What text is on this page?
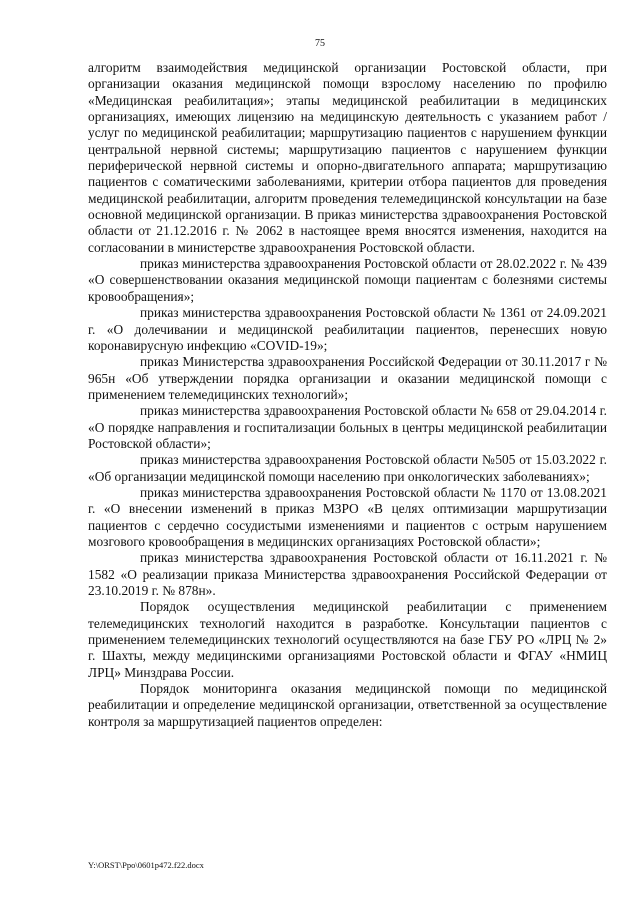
75

алгоритм взаимодействия медицинской организации Ростовской области, при организации оказания медицинской помощи взрослому населению по профилю «Медицинская реабилитация»; этапы медицинской реабилитации в медицинских организациях, имеющих лицензию на медицинскую деятельность с указанием работ /услуг по медицинской реабилитации; маршрутизацию пациентов с нарушением функции центральной нервной системы; маршрутизацию пациентов с нарушением функции периферической нервной системы и опорно-двигательного аппарата; маршрутизацию пациентов с соматическими заболеваниями, критерии отбора пациентов для проведения медицинской реабилитации, алгоритм проведения телемедицинской консультации на базе основной медицинской организации. В приказ министерства здравоохранения Ростовской области от 21.12.2016 г. № 2062 в настоящее время вносятся изменения, находится на согласовании в министерстве здравоохранения Ростовской области.

приказ министерства здравоохранения Ростовской области от 28.02.2022 г. № 439 «О совершенствовании оказания медицинской помощи пациентам с болезнями системы кровообращения»;

приказ министерства здравоохранения Ростовской области № 1361 от 24.09.2021 г. «О долечивании и медицинской реабилитации пациентов, перенесших новую коронавирусную инфекцию «COVID-19»;

приказ Министерства здравоохранения Российской Федерации от 30.11.2017 г № 965н «Об утверждении порядка организации и оказании медицинской помощи с применением телемедицинских технологий»;

приказ министерства здравоохранения Ростовской области № 658 от 29.04.2014 г. «О порядке направления и госпитализации больных в центры медицинской реабилитации Ростовской области»;

приказ министерства здравоохранения Ростовской области №505 от 15.03.2022 г. «Об организации медицинской помощи населению при онкологических заболеваниях»;

приказ министерства здравоохранения Ростовской области № 1170 от 13.08.2021 г. «О внесении изменений в приказ МЗРО «В целях оптимизации маршрутизации пациентов с сердечно сосудистыми изменениями и пациентов с острым нарушением мозгового кровообращения в медицинских организациях Ростовской области»;

приказ министерства здравоохранения Ростовской области от 16.11.2021 г. № 1582 «О реализации приказа Министерства здравоохранения Российской Федерации от 23.10.2019 г. № 878н».

Порядок осуществления медицинской реабилитации с применением телемедицинских технологий находится в разработке. Консультации пациентов с применением телемедицинских технологий осуществляются на базе ГБУ РО «ЛРЦ № 2» г. Шахты, между медицинскими организациями Ростовской области и ФГАУ «НМИЦ ЛРЦ» Минздрава России.

Порядок мониторинга оказания медицинской помощи по медицинской реабилитации и определение медицинской организации, ответственной за осуществление контроля за маршрутизацией пациентов определен:

Y:\ORST\Ppo\0601p472.f22.docx
